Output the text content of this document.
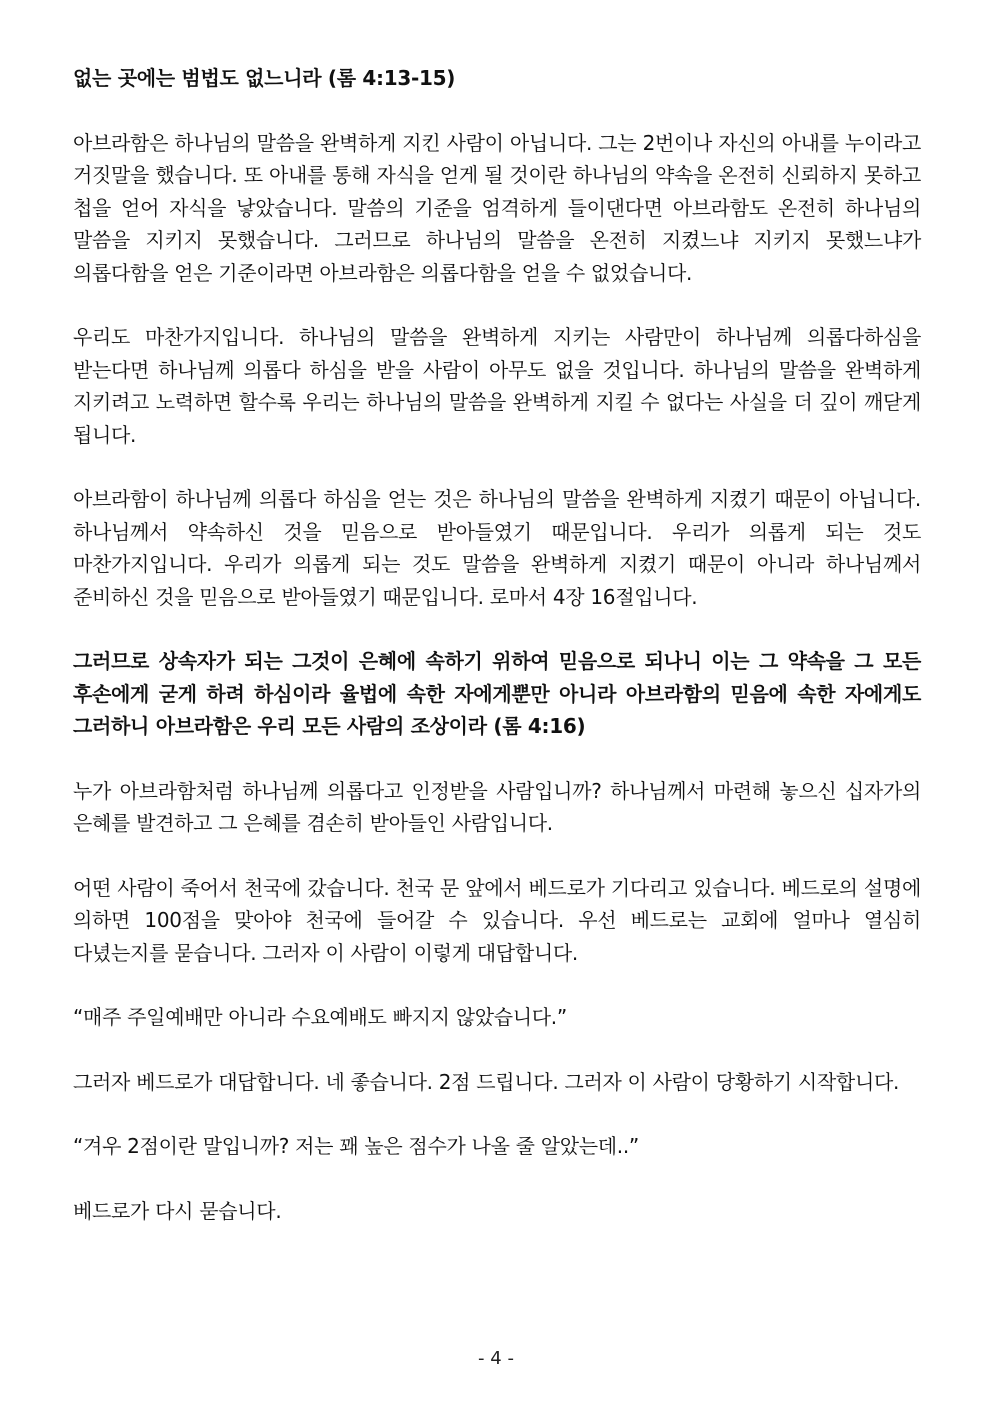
없는 곳에는 범법도 없느니라 (롬 4:13-15)

아브라함은 하나님의 말씀을 완벽하게 지킨 사람이 아닙니다. 그는 2번이나 자신의 아내를 누이라고 거짓말을 했습니다. 또 아내를 통해 자식을 얻게 될 것이란 하나님의 약속을 온전히 신뢰하지 못하고 첩을 얻어 자식을 낳았습니다. 말씀의 기준을 엄격하게 들이댄다면 아브라함도 온전히 하나님의 말씀을 지키지 못했습니다. 그러므로 하나님의 말씀을 온전히 지켰느냐 지키지 못했느냐가 의롭다함을 얻은 기준이라면 아브라함은 의롭다함을 얻을 수 없었습니다.

우리도 마찬가지입니다. 하나님의 말씀을 완벽하게 지키는 사람만이 하나님께 의롭다하심을 받는다면 하나님께 의롭다 하심을 받을 사람이 아무도 없을 것입니다. 하나님의 말씀을 완벽하게 지키려고 노력하면 할수록 우리는 하나님의 말씀을 완벽하게 지킬 수 없다는 사실을 더 깊이 깨닫게 됩니다.

아브라함이 하나님께 의롭다 하심을 얻는 것은 하나님의 말씀을 완벽하게 지켰기 때문이 아닙니다. 하나님께서 약속하신 것을 믿음으로 받아들였기 때문입니다. 우리가 의롭게 되는 것도 마찬가지입니다. 우리가 의롭게 되는 것도 말씀을 완벽하게 지켰기 때문이 아니라 하나님께서 준비하신 것을 믿음으로 받아들였기 때문입니다. 로마서 4장 16절입니다.

그러므로 상속자가 되는 그것이 은혜에 속하기 위하여 믿음으로 되나니 이는 그 약속을 그 모든 후손에게 굳게 하려 하심이라 율법에 속한 자에게뿐만 아니라 아브라함의 믿음에 속한 자에게도 그러하니 아브라함은 우리 모든 사람의 조상이라 (롬 4:16)

누가 아브라함처럼 하나님께 의롭다고 인정받을 사람입니까? 하나님께서 마련해 놓으신 십자가의 은혜를 발견하고 그 은혜를 겸손히 받아들인 사람입니다.

어떤 사람이 죽어서 천국에 갔습니다. 천국 문 앞에서 베드로가 기다리고 있습니다. 베드로의 설명에 의하면 100점을 맞아야 천국에 들어갈 수 있습니다. 우선 베드로는 교회에 얼마나 열심히 다녔는지를 묻습니다. 그러자 이 사람이 이렇게 대답합니다.

“매주 주일예배만 아니라 수요예배도 빠지지 않았습니다.”

그러자 베드로가 대답합니다. 네 좋습니다. 2점 드립니다. 그러자 이 사람이 당황하기 시작합니다.

“겨우 2점이란 말입니까? 저는 꽤 높은 점수가 나올 줄 알았는데..”

베드로가 다시 묻습니다.

- 4 -
